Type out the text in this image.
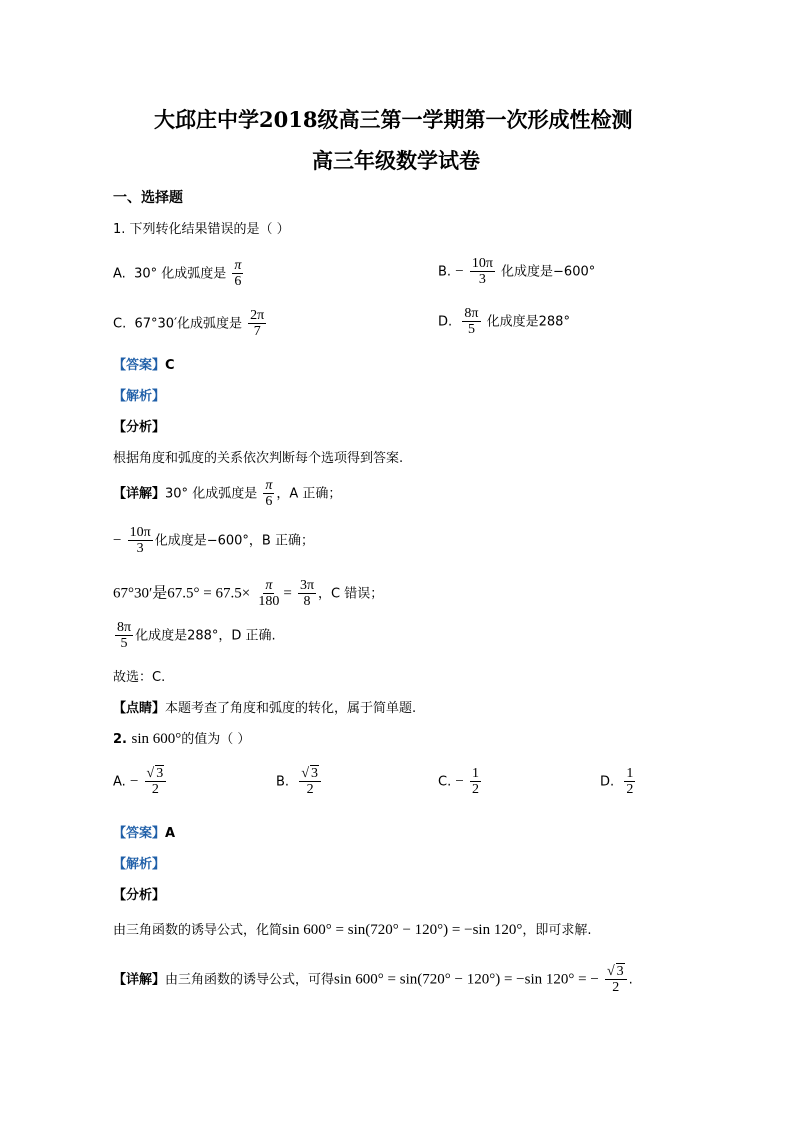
大邱庄中学2018级高三第一学期第一次形成性检测
高三年级数学试卷
一、选择题
1. 下列转化结果错误的是（ ）
A. 30° 化成弧度是 $\frac{\pi}{6}$	B. − $\frac{10\pi}{3}$ 化成度是−600°
C. 67°30′化成弧度是 $\frac{2\pi}{7}$	D. $\frac{8\pi}{5}$ 化成度是288°
【答案】C
【解析】
【分析】
根据角度和弧度的关系依次判断每个选项得到答案.
【详解】30° 化成弧度是 $\frac{\pi}{6}$ ，A 正确；
− $\frac{10\pi}{3}$ 化成度是−600°，B 正确；
67°30′是$67.5^\circ = 67.5\times \frac{\pi}{180} = \frac{3\pi}{8}$ ，C 错误；
$\frac{8\pi}{5}$ 化成度是288°，D 正确.
故选：C.
【点睛】本题考查了角度和弧度的转化，属于简单题.
2. sin 600°的值为（ ）
A. − $\frac{√ 3}{2}$	B. $\frac{√ 3}{2}$	C. − $\frac{1}{2}$	D. $\frac{1}{2}$
【答案】A
【解析】
【分析】
由三角函数的诱导公式，化简sin 600° = sin(720° − 120°) = −sin 120°，即可求解.
【详解】由三角函数的诱导公式，可得sin 600° = sin(720° − 120°) = −sin 120° = − $\frac{√ 3}{2}$ .
